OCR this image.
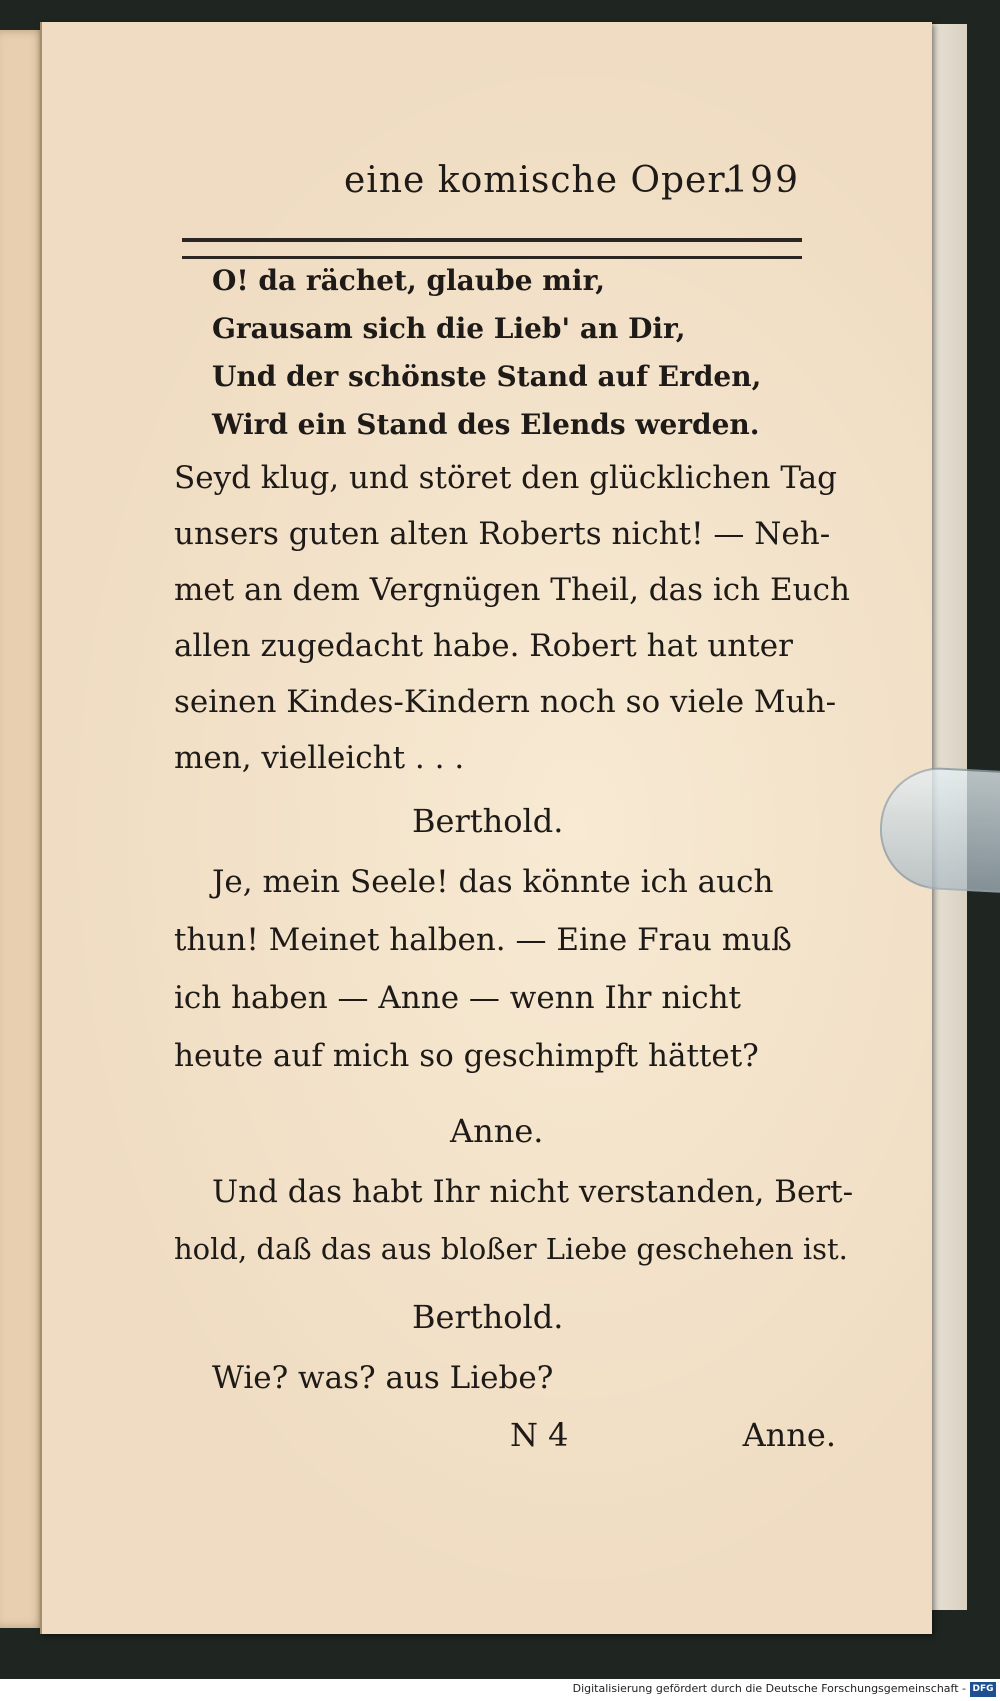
eine komische Oper.
199
O! da rächet, glaube mir,
Grausam sich die Lieb' an Dir,
Und der schönste Stand auf Erden,
Wird ein Stand des Elends werden.
Seyd klug, und störet den glücklichen Tag
unsers guten alten Roberts nicht! — Neh-
met an dem Vergnügen Theil, das ich Euch
allen zugedacht habe. Robert hat unter
seinen Kindes-Kindern noch so viele Muh-
men, vielleicht . . .
Berthold.
Je, mein Seele! das könnte ich auch
thun! Meinet halben. — Eine Frau muß
ich haben — Anne — wenn Ihr nicht
heute auf mich so geschimpft hättet?
Anne.
Und das habt Ihr nicht verstanden, Bert-
hold, daß das aus bloßer Liebe geschehen ist.
Berthold.
Wie? was? aus Liebe?
N 4	Anne.
Digitalisierung gefördert durch die Deutsche Forschungsgemeinschaft - DFG
